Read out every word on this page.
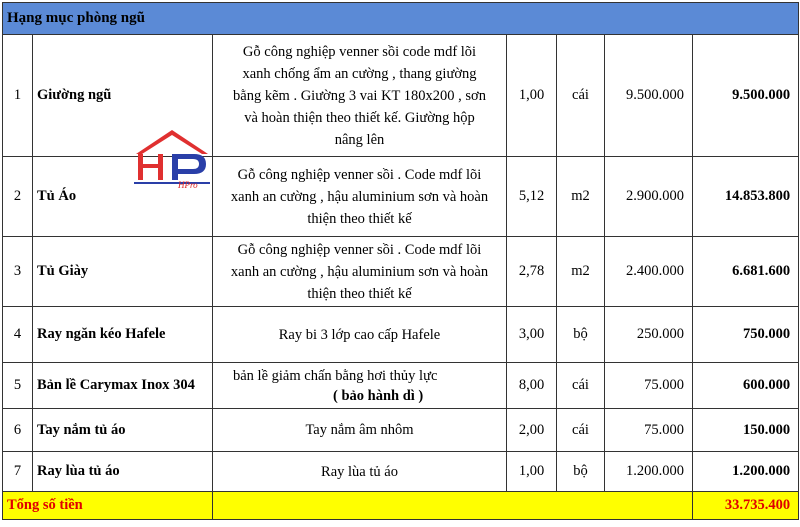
Hạng mục phòng ngũ						
1	Giường ngũ	Gỗ công nghiệp venner sồi code mdf lõi
xanh chống ẩm an cường , thang giường
bằng kẽm . Giường 3 vai KT 180x200 , sơn
và hoàn thiện theo thiết kế. Giường hộp
nâng lên	1,00	cái	9.500.000	9.500.000
2	Tủ Áo	Gỗ công nghiệp venner sồi . Code mdf lõi
xanh an cường , hậu aluminium sơn và hoàn
thiện theo thiết kế	5,12	m2	2.900.000	14.853.800
3	Tủ Giày	Gỗ công nghiệp venner sồi . Code mdf lõi
xanh an cường , hậu aluminium sơn và hoàn
thiện theo thiết kế	2,78	m2	2.400.000	6.681.600
4	Ray ngăn kéo Hafele	Ray bi 3 lớp cao cấp Hafele	3,00	bộ	250.000	750.000
5	Bản lề Carymax Inox 304	bản lề giảm chấn bằng hơi thủy lực
( bảo hành dì )	8,00	cái	75.000	600.000
6	Tay nắm tủ áo	Tay nắm âm nhôm	2,00	cái	75.000	150.000
7	Ray lùa tủ áo	Ray lùa tủ áo	1,00	bộ	1.200.000	1.200.000
Tổng số tiền						33.735.400
HPro
